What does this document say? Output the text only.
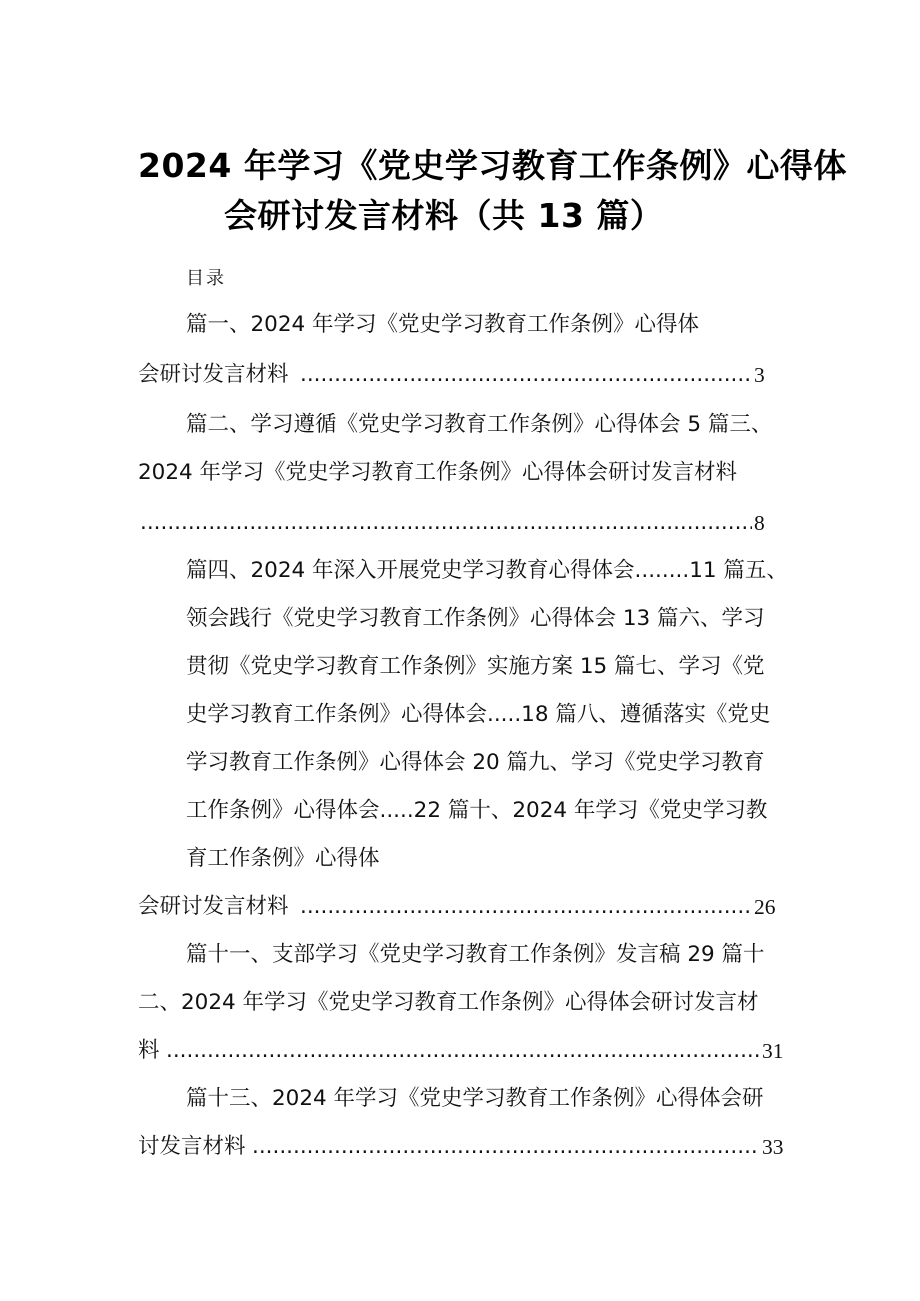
2024 年学习《党史学习教育工作条例》心得体
会研讨发言材料（共 13 篇）
目录
篇一、2024 年学习《党史学习教育工作条例》心得体
会研讨发言材料 .....	3
篇二、学习遵循《党史学习教育工作条例》心得体会 5 篇三、
2024 年学习《党史学习教育工作条例》心得体会研讨发言材料
.....
8
篇四、2024 年深入开展党史学习教育心得体会........11 篇五、
领会践行《党史学习教育工作条例》心得体会 13 篇六、学习
贯彻《党史学习教育工作条例》实施方案 15 篇七、学习《党
史学习教育工作条例》心得体会.....18 篇八、遵循落实《党史
学习教育工作条例》心得体会 20 篇九、学习《党史学习教育
工作条例》心得体会.....22 篇十、2024 年学习《党史学习教
育工作条例》心得体
会研讨发言材料 .....	26
篇十一、支部学习《党史学习教育工作条例》发言稿 29 篇十
二、2024 年学习《党史学习教育工作条例》心得体会研讨发言材
料 .....	31
篇十三、2024 年学习《党史学习教育工作条例》心得体会研
讨发言材料 .....	33
